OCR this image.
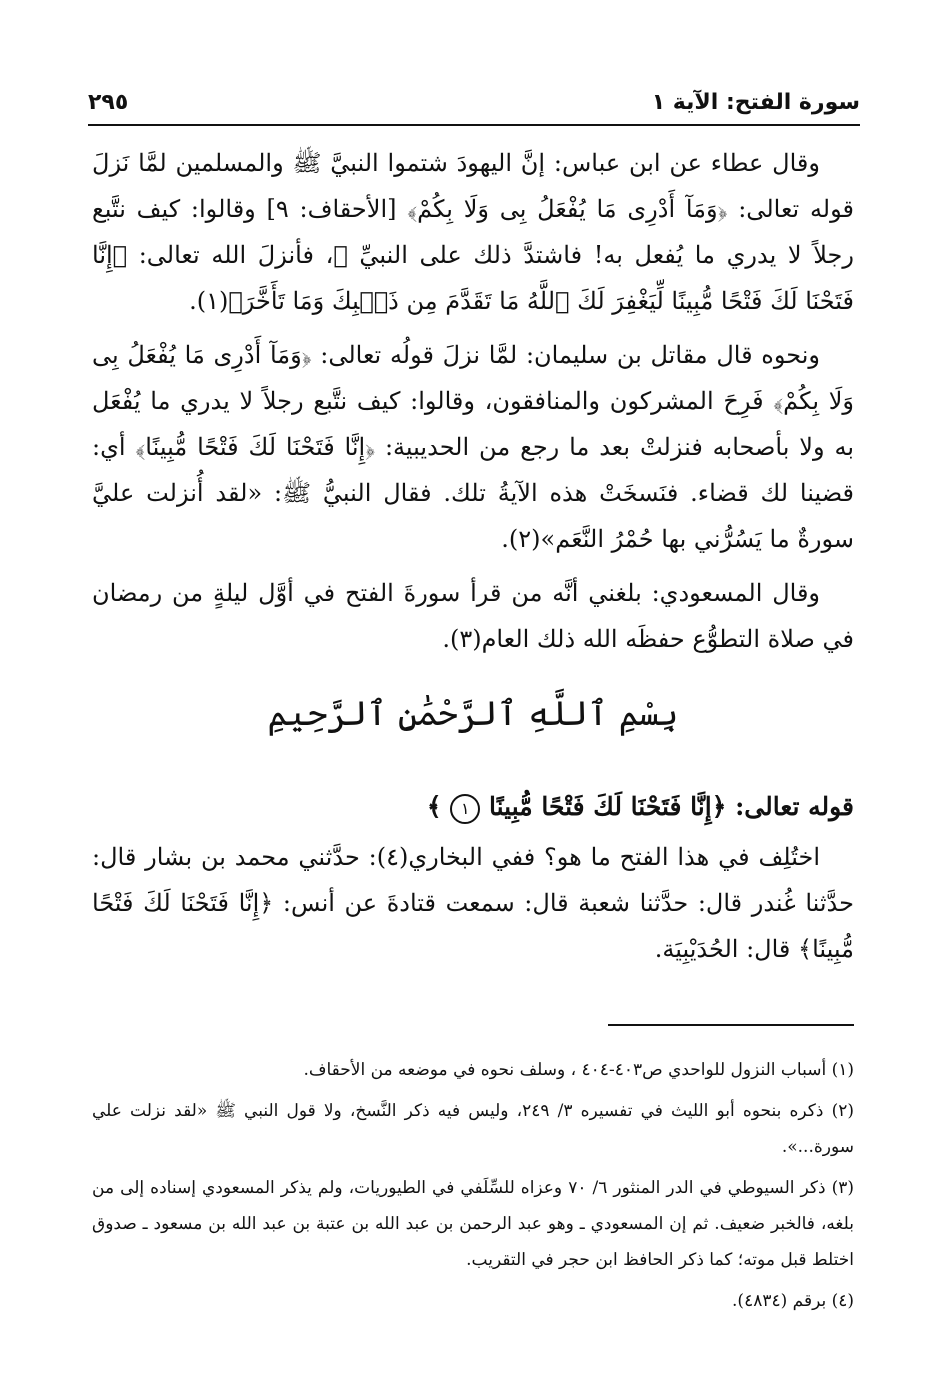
سورة الفتح: الآية ١
٢٩٥

وقال عطاء عن ابن عباس: إنَّ اليهودَ شتموا النبيَّ ﷺ والمسلمين لمَّا نَزلَ قوله تعالى: ﴿وَمَآ أَدْرِى مَا يُفْعَلُ بِى وَلَا بِكُمْ﴾ [الأحقاف: ٩] وقالوا: كيف نتَّبع رجلاً لا يدري ما يُفعل به! فاشتدَّ ذلك على النبيِّ ﷺ، فأنزلَ الله تعالى: ﴿إِنَّا فَتَحْنَا لَكَ فَتْحًا مُّبِينًا لِّيَغْفِرَ لَكَ ٱللَّهُ مَا تَقَدَّمَ مِن ذَنۢبِكَ وَمَا تَأَخَّرَ﴾(١).

ونحوه قال مقاتل بن سليمان: لمَّا نزلَ قولُه تعالى: ﴿وَمَآ أَدْرِى مَا يُفْعَلُ بِى وَلَا بِكُمْ﴾ فَرِحَ المشركون والمنافقون، وقالوا: كيف نتَّبع رجلاً لا يدري ما يُفْعَل به ولا بأصحابه فنزلتْ بعد ما رجع من الحديبية: ﴿إِنَّا فَتَحْنَا لَكَ فَتْحًا مُّبِينًا﴾ أي: قضينا لك قضاء. فنَسخَتْ هذه الآيةُ تلك. فقال النبيُّ ﷺ: «لقد أُنزلت عليَّ سورةٌ ما يَسُرُّني بها حُمْرُ النَّعَم»(٢).

وقال المسعودي: بلغني أنَّه من قرأ سورةَ الفتح في أوَّل ليلةٍ من رمضان في صلاة التطوُّع حفظَه الله ذلك العام(٣).

بِسْمِ ٱللَّهِ ٱلرَّحْمَٰنِ ٱلرَّحِيمِ

قوله تعالى: ﴿إِنَّا فَتَحْنَا لَكَ فَتْحًا مُّبِينًا ١ ﴾

اختُلِف في هذا الفتح ما هو؟ ففي البخاري(٤): حدَّثني محمد بن بشار قال: حدَّثنا غُندر قال: حدَّثنا شعبة قال: سمعت قتادةَ عن أنس: ﴿إِنَّا فَتَحْنَا لَكَ فَتْحًا مُّبِينًا﴾ قال: الحُدَيْبِيَة.

(١) أسباب النزول للواحدي ص٤٠٣-٤٠٤ ، وسلف نحوه في موضعه من الأحقاف.

(٢) ذكره بنحوه أبو الليث في تفسيره ٣/ ٢٤٩، وليس فيه ذكر النَّسخ، ولا قول النبي ﷺ «لقد نزلت علي سورة...».

(٣) ذكر السيوطي في الدر المنثور ٦/ ٧٠ وعزاه للسِّلَفي في الطيوريات، ولم يذكر المسعودي إسناده إلى من بلغه، فالخبر ضعيف. ثم إن المسعودي ـ وهو عبد الرحمن بن عبد الله بن عتبة بن عبد الله بن مسعود ـ صدوق اختلط قبل موته؛ كما ذكر الحافظ ابن حجر في التقريب.

(٤) برقم (٤٨٣٤).
